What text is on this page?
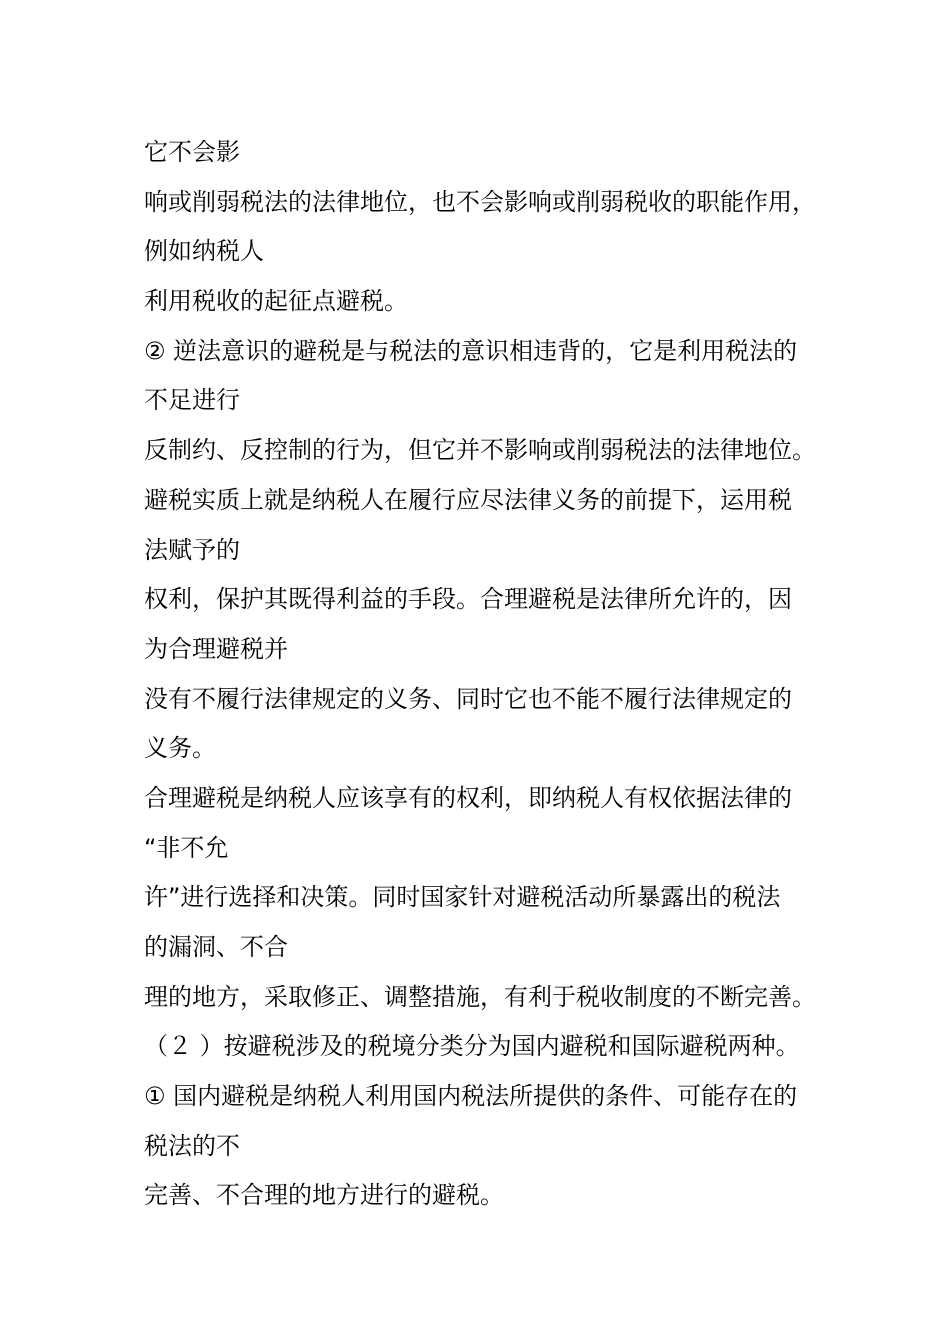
它不会影
响或削弱税法的法律地位，也不会影响或削弱税收的职能作用，
例如纳税人
利用税收的起征点避税。
② 逆法意识的避税是与税法的意识相违背的，它是利用税法的
不足进行
反制约、反控制的行为，但它并不影响或削弱税法的法律地位。
避税实质上就是纳税人在履行应尽法律义务的前提下，运用税
法赋予的
权利，保护其既得利益的手段。合理避税是法律所允许的，因
为合理避税并
没有不履行法律规定的义务、同时它也不能不履行法律规定的
义务。
合理避税是纳税人应该享有的权利，即纳税人有权依据法律的
“非不允
许”进行选择和决策。同时国家针对避税活动所暴露出的税法
的漏洞、不合
理的地方，采取修正、调整措施，有利于税收制度的不断完善。
（２ ）按避税涉及的税境分类分为国内避税和国际避税两种。
① 国内避税是纳税人利用国内税法所提供的条件、可能存在的
税法的不
完善、不合理的地方进行的避税。
